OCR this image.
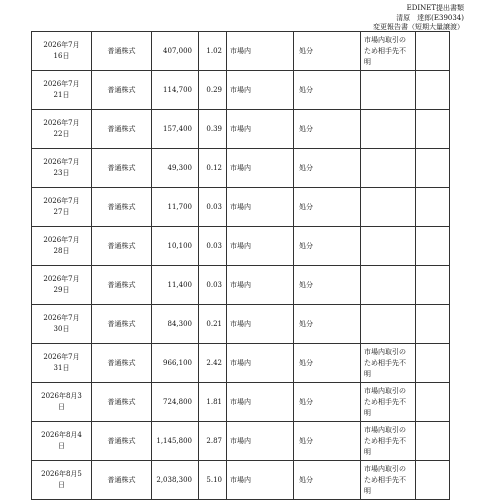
EDINET提出書類
清原　達郎(E39034)
変更報告書（短期大量譲渡）
2026年7月16日	普通株式	407,000	1.02	市場内	処分	市場内取引のため相手先不明	
2026年7月21日	普通株式	114,700	0.29	市場内	処分		
2026年7月22日	普通株式	157,400	0.39	市場内	処分		
2026年7月23日	普通株式	49,300	0.12	市場内	処分		
2026年7月27日	普通株式	11,700	0.03	市場内	処分		
2026年7月28日	普通株式	10,100	0.03	市場内	処分		
2026年7月29日	普通株式	11,400	0.03	市場内	処分		
2026年7月30日	普通株式	84,300	0.21	市場内	処分		
2026年7月31日	普通株式	966,100	2.42	市場内	処分	市場内取引のため相手先不明	
2026年8月3日	普通株式	724,800	1.81	市場内	処分	市場内取引のため相手先不明	
2026年8月4日	普通株式	1,145,800	2.87	市場内	処分	市場内取引のため相手先不明	
2026年8月5日	普通株式	2,038,300	5.10	市場内	処分	市場内取引のため相手先不明	
